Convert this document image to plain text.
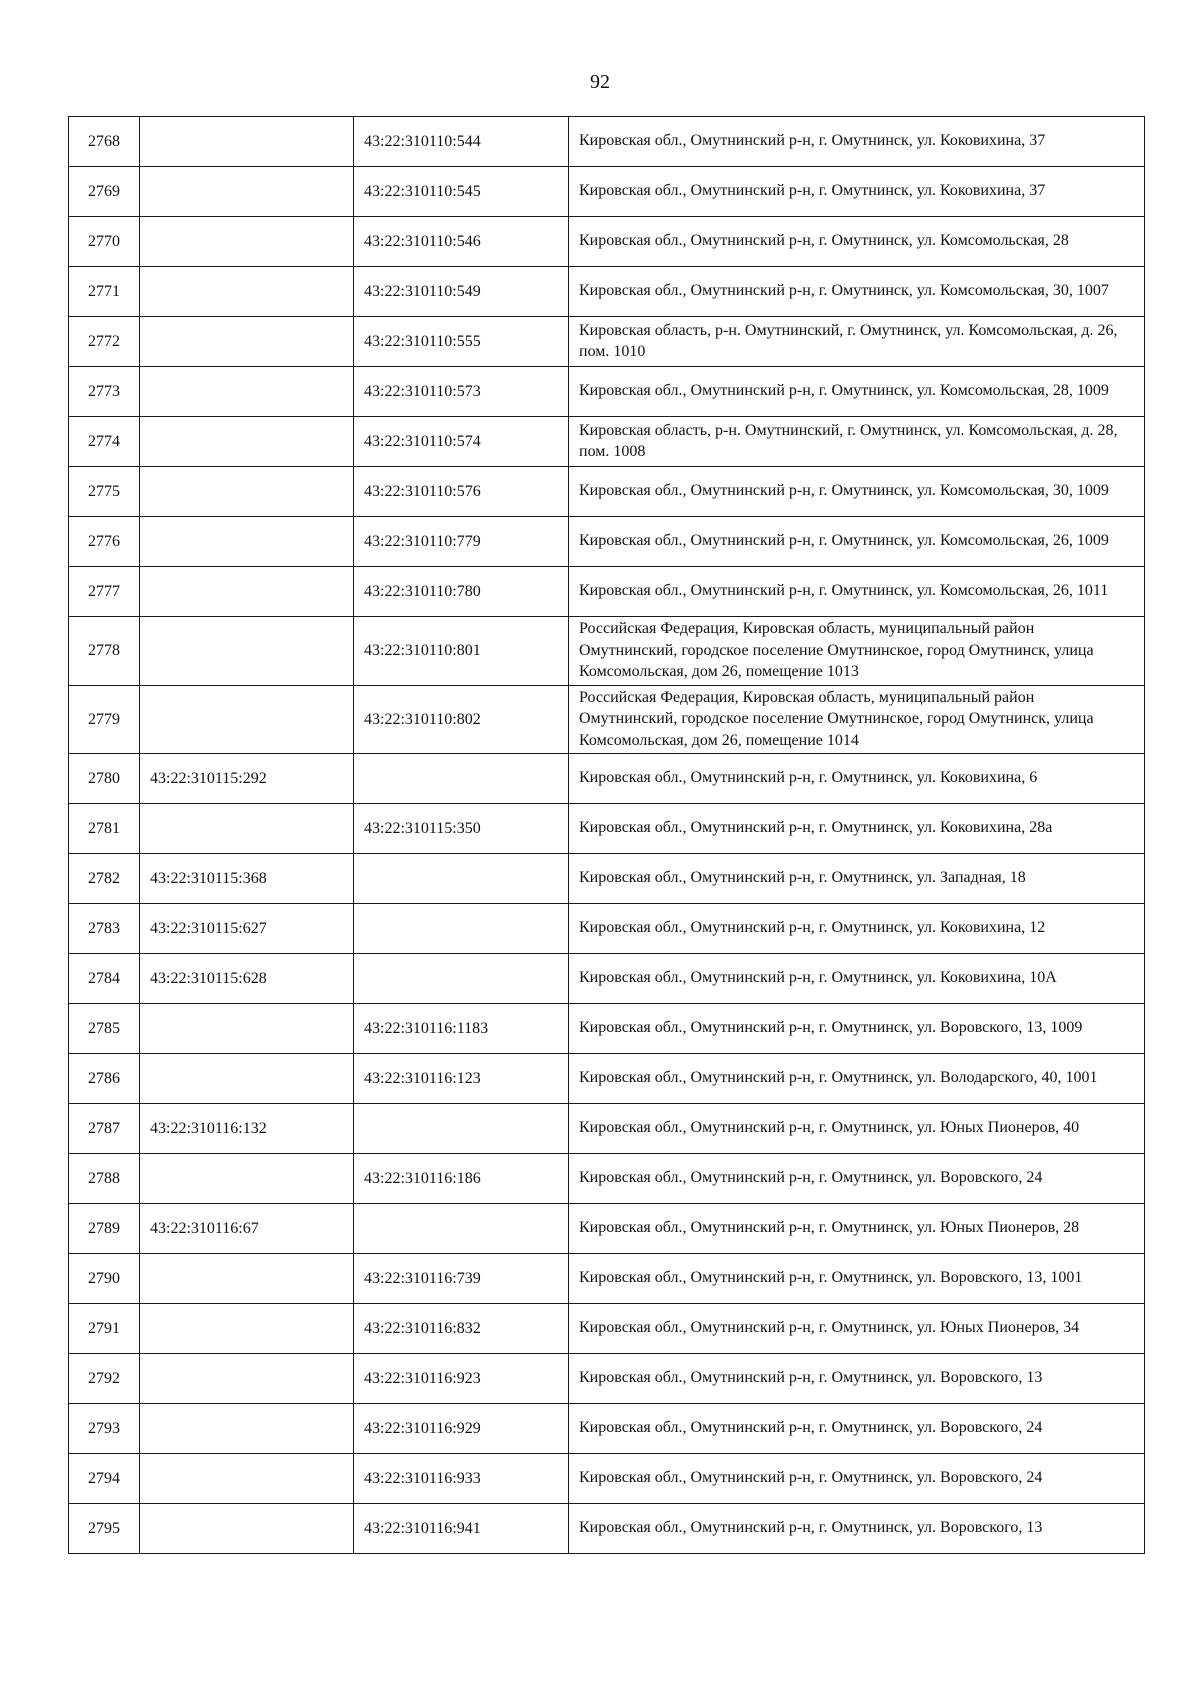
92
2768		43:22:310110:544	Кировская обл., Омутнинский р-н, г. Омутнинск, ул. Коковихина, 37
2769		43:22:310110:545	Кировская обл., Омутнинский р-н, г. Омутнинск, ул. Коковихина, 37
2770		43:22:310110:546	Кировская обл., Омутнинский р-н, г. Омутнинск, ул. Комсомольская, 28
2771		43:22:310110:549	Кировская обл., Омутнинский р-н, г. Омутнинск, ул. Комсомольская, 30, 1007
2772		43:22:310110:555	Кировская область, р-н. Омутнинский, г. Омутнинск, ул. Комсомольская, д. 26, пом. 1010
2773		43:22:310110:573	Кировская обл., Омутнинский р-н, г. Омутнинск, ул. Комсомольская, 28, 1009
2774		43:22:310110:574	Кировская область, р-н. Омутнинский, г. Омутнинск, ул. Комсомольская, д. 28, пом. 1008
2775		43:22:310110:576	Кировская обл., Омутнинский р-н, г. Омутнинск, ул. Комсомольская, 30, 1009
2776		43:22:310110:779	Кировская обл., Омутнинский р-н, г. Омутнинск, ул. Комсомольская, 26, 1009
2777		43:22:310110:780	Кировская обл., Омутнинский р-н, г. Омутнинск, ул. Комсомольская, 26, 1011
2778		43:22:310110:801	Российская Федерация, Кировская область, муниципальный район Омутнинский, городское поселение Омутнинское, город Омутнинск, улица Комсомольская, дом 26, помещение 1013
2779		43:22:310110:802	Российская Федерация, Кировская область, муниципальный район Омутнинский, городское поселение Омутнинское, город Омутнинск, улица Комсомольская, дом 26, помещение 1014
2780	43:22:310115:292		Кировская обл., Омутнинский р-н, г. Омутнинск, ул. Коковихина, 6
2781		43:22:310115:350	Кировская обл., Омутнинский р-н, г. Омутнинск, ул. Коковихина, 28а
2782	43:22:310115:368		Кировская обл., Омутнинский р-н, г. Омутнинск, ул. Западная, 18
2783	43:22:310115:627		Кировская обл., Омутнинский р-н, г. Омутнинск, ул. Коковихина, 12
2784	43:22:310115:628		Кировская обл., Омутнинский р-н, г. Омутнинск, ул. Коковихина, 10А
2785		43:22:310116:1183	Кировская обл., Омутнинский р-н, г. Омутнинск, ул. Воровского, 13, 1009
2786		43:22:310116:123	Кировская обл., Омутнинский р-н, г. Омутнинск, ул. Володарского, 40, 1001
2787	43:22:310116:132		Кировская обл., Омутнинский р-н, г. Омутнинск, ул. Юных Пионеров, 40
2788		43:22:310116:186	Кировская обл., Омутнинский р-н, г. Омутнинск, ул. Воровского, 24
2789	43:22:310116:67		Кировская обл., Омутнинский р-н, г. Омутнинск, ул. Юных Пионеров, 28
2790		43:22:310116:739	Кировская обл., Омутнинский р-н, г. Омутнинск, ул. Воровского, 13, 1001
2791		43:22:310116:832	Кировская обл., Омутнинский р-н, г. Омутнинск, ул. Юных Пионеров, 34
2792		43:22:310116:923	Кировская обл., Омутнинский р-н, г. Омутнинск, ул. Воровского, 13
2793		43:22:310116:929	Кировская обл., Омутнинский р-н, г. Омутнинск, ул. Воровского, 24
2794		43:22:310116:933	Кировская обл., Омутнинский р-н, г. Омутнинск, ул. Воровского, 24
2795		43:22:310116:941	Кировская обл., Омутнинский р-н, г. Омутнинск, ул. Воровского, 13
